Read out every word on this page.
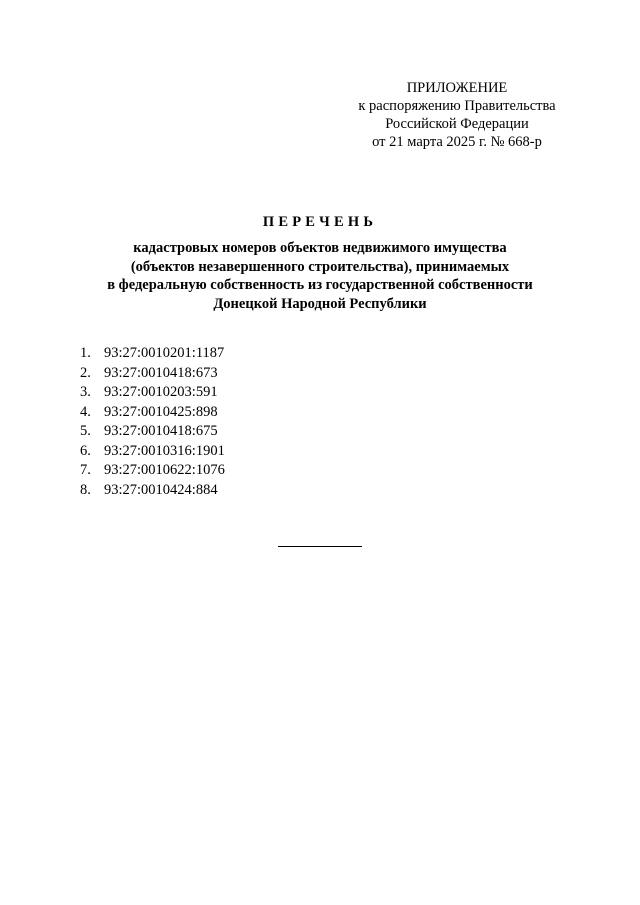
ПРИЛОЖЕНИЕ
к распоряжению Правительства
Российской Федерации
от 21 марта 2025 г. № 668-р
ПЕРЕЧЕНЬ
кадастровых номеров объектов недвижимого имущества
(объектов незавершенного строительства), принимаемых
в федеральную собственность из государственной собственности
Донецкой Народной Республики
1. 93:27:0010201:1187
2. 93:27:0010418:673
3. 93:27:0010203:591
4. 93:27:0010425:898
5. 93:27:0010418:675
6. 93:27:0010316:1901
7. 93:27:0010622:1076
8. 93:27:0010424:884
